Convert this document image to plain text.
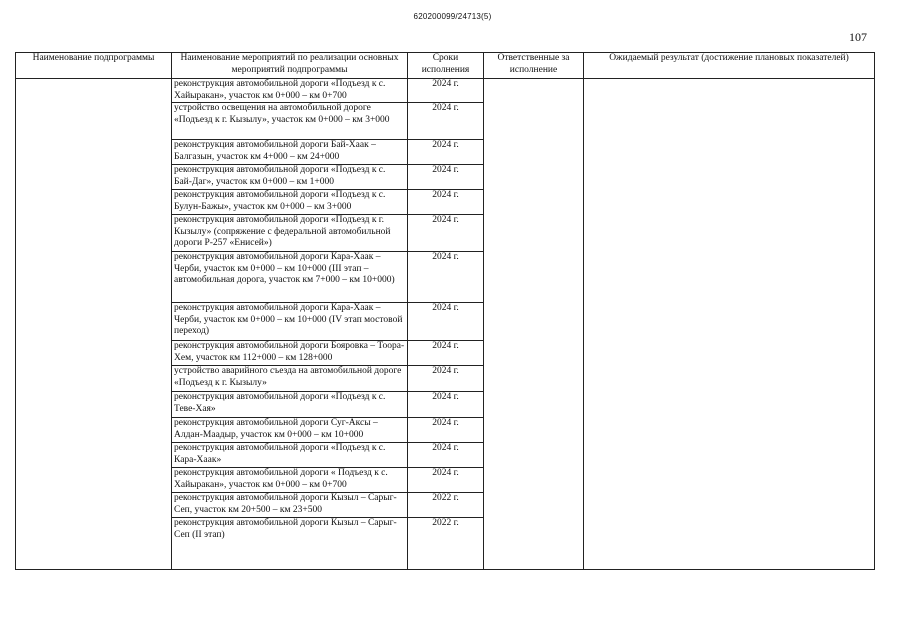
620200099/24713(5)
107
Наименование подпрограммы	Наименование мероприятий по реализации основных мероприятий подпрограммы	Сроки исполнения	Ответственные за исполнение	Ожидаемый результат (достижение плановых показателей)
	реконструкция автомобильной дороги «Подъезд к с. Хайыракан», участок км 0+000 – км 0+700	2024 г.		
	устройство освещения на автомобильной дороге «Подъезд к г. Кызылу», участок км 0+000 – км 3+000	2024 г.		
	реконструкция автомобильной дороги Бай-Хаак – Балгазын, участок км 4+000 – км 24+000	2024 г.		
	реконструкция автомобильной дороги «Подъезд к с. Бай-Даг», участок км 0+000 – км 1+000	2024 г.		
	реконструкция автомобильной дороги «Подъезд к с. Булун-Бажы», участок км 0+000 – км 3+000	2024 г.		
	реконструкция автомобильной дороги «Подъезд к г. Кызылу» (сопряжение с федеральной автомобильной дороги Р-257 «Енисей»)	2024 г.		
	реконструкция автомобильной дороги Кара-Хаак – Черби, участок км 0+000 – км 10+000 (III этап – автомобильная дорога, участок км 7+000 – км 10+000)	2024 г.		
	реконструкция автомобильной дороги Кара-Хаак – Черби, участок км 0+000 – км 10+000 (IV этап мостовой переход)	2024 г.		
	реконструкция автомобильной дороги Бояровка – Тоора-Хем, участок км 112+000 – км 128+000	2024 г.		
	устройство аварийного съезда на автомобильной дороге «Подъезд к г. Кызылу»	2024 г.		
	реконструкция автомобильной дороги «Подъезд к с. Теве-Хая»	2024 г.		
	реконструкция автомобильной дороги Суг-Аксы – Алдан-Маадыр, участок км 0+000 – км 10+000	2024 г.		
	реконструкция автомобильной дороги «Подъезд к с. Кара-Хаак»	2024 г.		
	реконструкция автомобильной дороги « Подъезд к с. Хайыракан», участок км 0+000 – км 0+700	2024 г.		
	реконструкция автомобильной дороги Кызыл – Сарыг-Сеп, участок км 20+500 – км 23+500	2022 г.		
	реконструкция автомобильной дороги Кызыл – Сарыг-Сеп (II этап)	2022 г.		
